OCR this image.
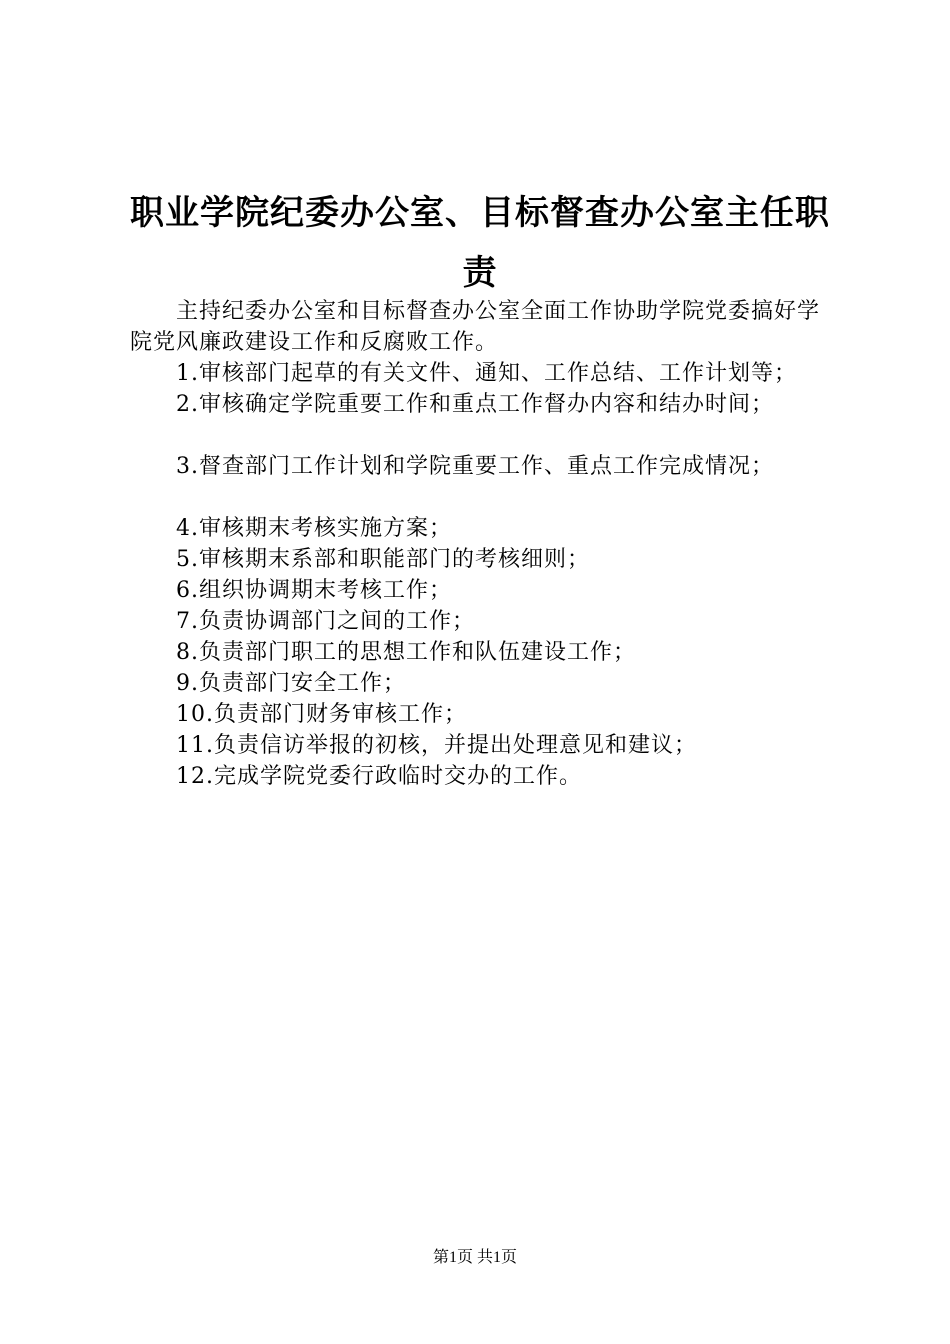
职业学院纪委办公室、目标督查办公室主任职责

主持纪委办公室和目标督查办公室全面工作协助学院党委搞好学院党风廉政建设工作和反腐败工作。

1.审核部门起草的有关文件、通知、工作总结、工作计划等；

2.审核确定学院重要工作和重点工作督办内容和结办时间；

3.督查部门工作计划和学院重要工作、重点工作完成情况；

4.审核期末考核实施方案；

5.审核期末系部和职能部门的考核细则；

6.组织协调期末考核工作；

7.负责协调部门之间的工作；

8.负责部门职工的思想工作和队伍建设工作；

9.负责部门安全工作；

10.负责部门财务审核工作；

11.负责信访举报的初核，并提出处理意见和建议；

12.完成学院党委行政临时交办的工作。

第1页 共1页
